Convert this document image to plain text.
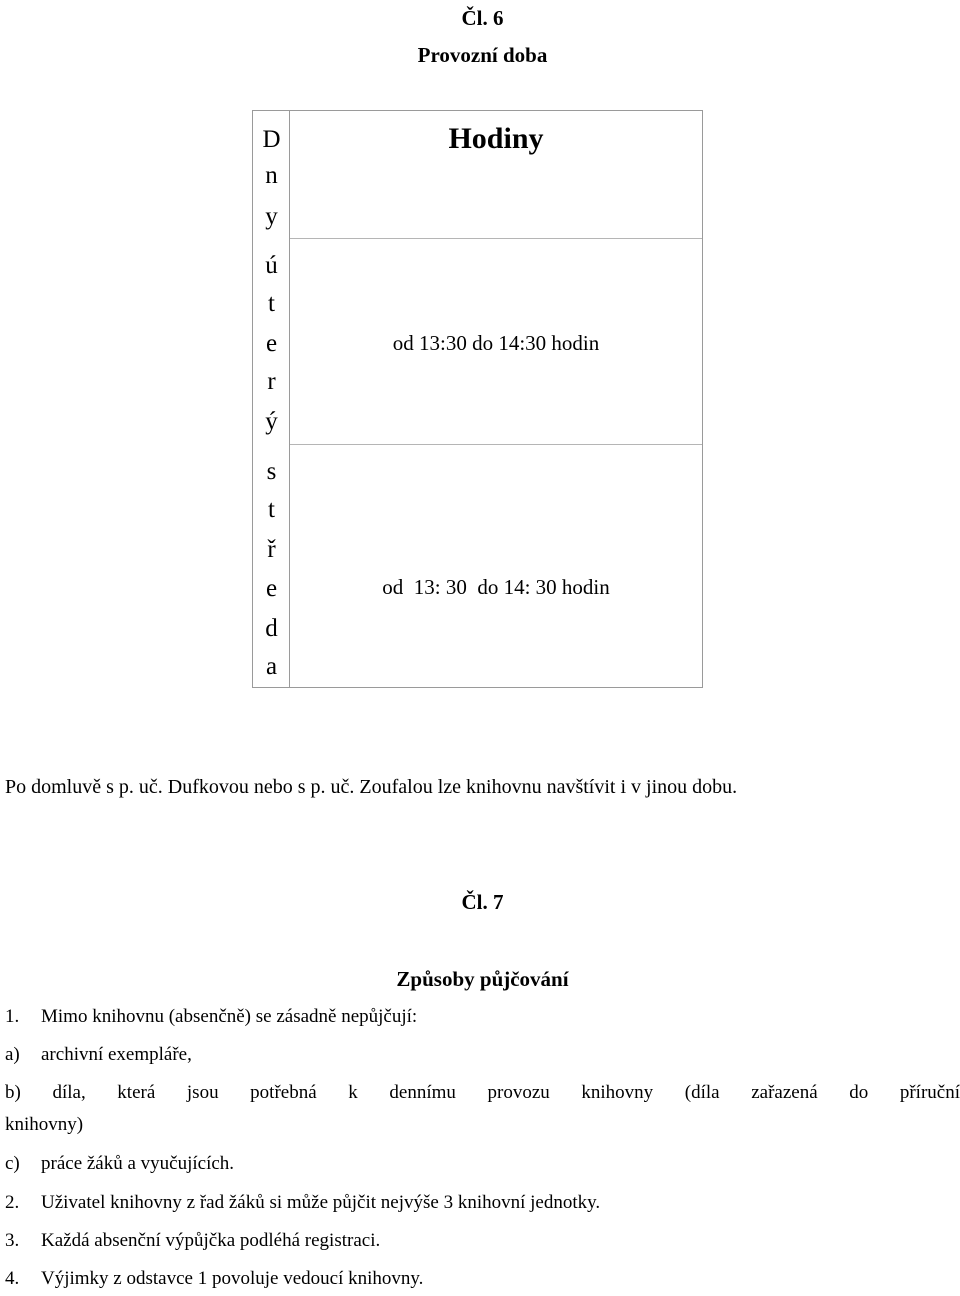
Čl. 6
Provozní doba
D
n
y
ú
t
e
r
ý
s
t
ř
e
d
a
Hodiny
od 13:30 do 14:30 hodin
od  13: 30  do 14: 30 hodin
Po domluvě s p. uč. Dufkovou nebo s p. uč. Zoufalou lze knihovnu navštívit i v jinou dobu.
Čl. 7
Způsoby půjčování
1. Mimo knihovnu (absenčně) se zásadně nepůjčují:
a) archivní exempláře,
b) díla, která jsou potřebná k dennímu provozu knihovny (díla zařazená do příruční
knihovny)
c) práce žáků a vyučujících.
2. Uživatel knihovny z řad žáků si může půjčit nejvýše 3 knihovní jednotky.
3. Každá absenční výpůjčka podléhá registraci.
4. Výjimky z odstavce 1 povoluje vedoucí knihovny.
